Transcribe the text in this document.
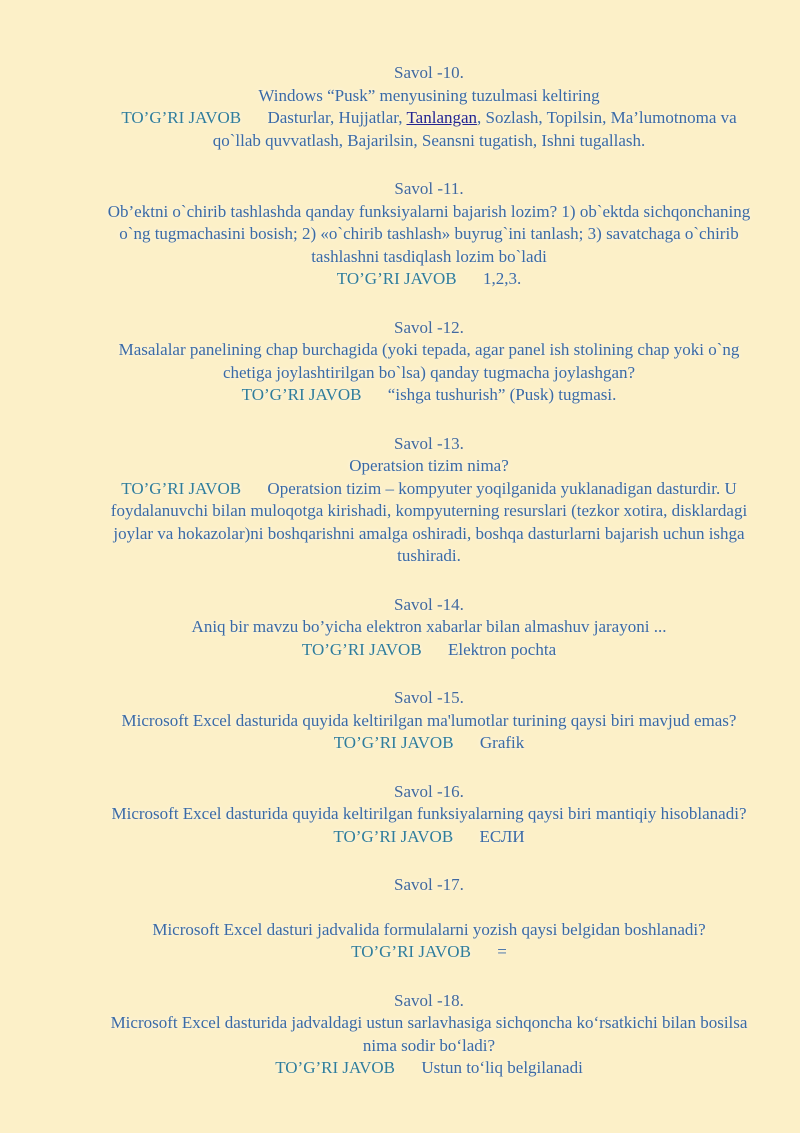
Savol -10.

Windows “Pusk” menyusining tuzulmasi keltiring

TO’G’RI JAVOB Dasturlar, Hujjatlar, Tanlangan, Sozlash, Topilsin, Ma’lumotnoma va qo`llab quvvatlash, Bajarilsin, Seansni tugatish, Ishni tugallash.

Savol -11.

Ob’ektni o`chirib tashlashda qanday funksiyalarni bajarish lozim? 1) ob`ektda sichqonchaning o`ng tugmachasini bosish; 2) «o`chirib tashlash» buyrug`ini tanlash; 3) savatchaga o`chirib tashlashni tasdiqlash lozim bo`ladi

TO’G’RI JAVOB 1,2,3.

Savol -12.

Masalalar panelining chap burchagida (yoki tepada, agar panel ish stolining chap yoki o`ng chetiga joylashtirilgan bo`lsa) qanday tugmacha joylashgan?

TO’G’RI JAVOB “ishga tushurish” (Pusk) tugmasi.

Savol -13.

Operatsion tizim nima?

TO’G’RI JAVOB Operatsion tizim – kompyuter yoqilganida yuklanadigan dasturdir. U foydalanuvchi bilan muloqotga kirishadi, kompyuterning resurslari (tezkor xotira, disklardagi joylar va hokazolar)ni boshqarishni amalga oshiradi, boshqa dasturlarni bajarish uchun ishga tushiradi.

Savol -14.

Aniq bir mavzu bo’yicha elektron xabarlar bilan almashuv jarayoni ...

TO’G’RI JAVOB Elektron pochta

Savol -15.

Microsoft Excel dasturida quyida keltirilgan ma'lumotlar turining qaysi biri mavjud emas?

TO’G’RI JAVOB Grafik

Savol -16.

Microsoft Excel dasturida quyida keltirilgan funksiyalarning qaysi biri mantiqiy hisoblanadi?

TO’G’RI JAVOB ЕСЛИ

Savol -17.

Microsoft Excel dasturi jadvalida formulalarni yozish qaysi belgidan boshlanadi?

TO’G’RI JAVOB =

Savol -18.

Microsoft Excel dasturida jadvaldagi ustun sarlavhasiga sichqoncha ko‘rsatkichi bilan bosilsa nima sodir bo‘ladi?

TO’G’RI JAVOB Ustun to‘liq belgilanadi
